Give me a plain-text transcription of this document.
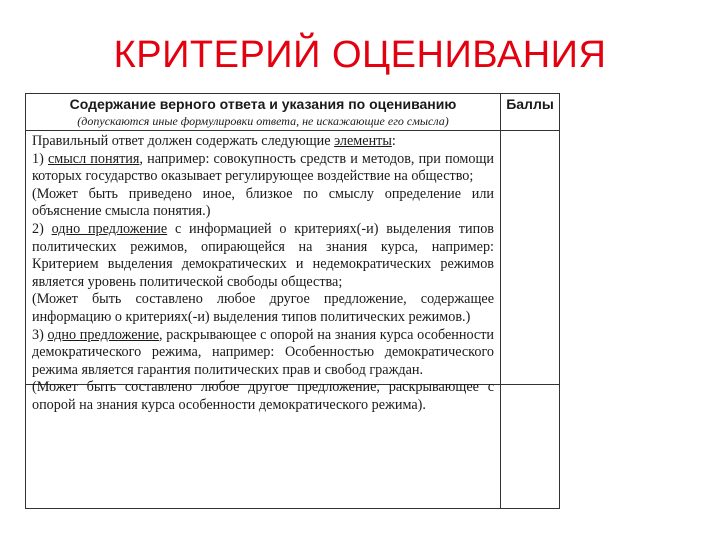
КРИТЕРИЙ ОЦЕНИВАНИЯ
Содержание верного ответа и указания по оцениванию
(допускаются иные формулировки ответа, не искажающие его смысла)
Баллы

Правильный ответ должен содержать следующие элементы:

1) смысл понятия, например: совокупность средств и методов, при помощи которых государство оказывает регулирующее воздействие на общество;

(Может быть приведено иное, близкое по смыслу определение или объяснение смысла понятия.)

2) одно предложение с информацией о критериях(-и) выделения типов политических режимов, опирающейся на знания курса, например: Критерием выделения демократических и недемократических режимов является уровень политической свободы общества;

(Может быть составлено любое другое предложение, содержащее информацию о критериях(-и) выделения типов политических режимов.)

3) одно предложение, раскрывающее с опорой на знания курса особенности демократического режима, например: Особенностью демократического режима является гарантия политических прав и свобод граждан.

(Может быть составлено любое другое предложение, раскрывающее с опорой на знания курса особенности демократического режима).
